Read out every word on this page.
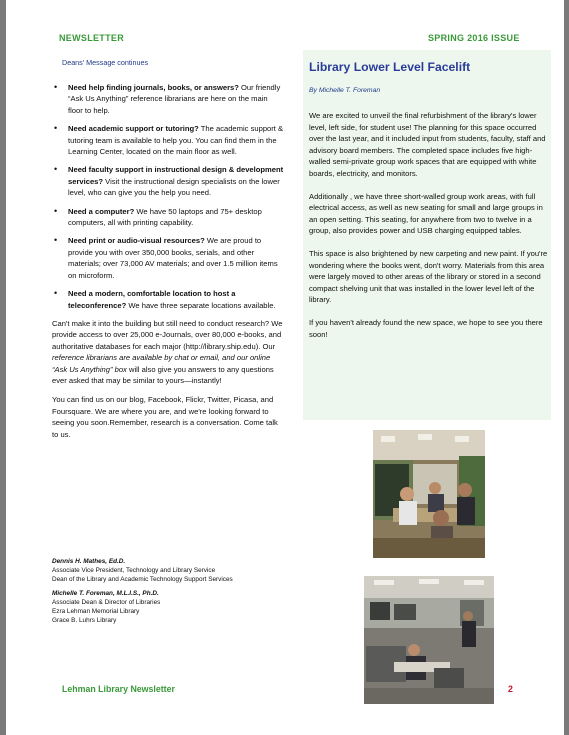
NEWSLETTER	SPRING 2016 ISSUE
Deans' Message continues
• Need help finding journals, books, or answers? Our friendly “Ask Us Anything” reference librarians are here on the main floor to help.
• Need academic support or tutoring? The academic support & tutoring team is available to help you. You can find them in the Learning Center, located on the main floor as well.
• Need faculty support in instructional design & development services? Visit the instructional design specialists on the lower level, who can give you the help you need.
• Need a computer? We have 50 laptops and 75+ desktop computers, all with printing capability.
• Need print or audio-visual resources? We are proud to provide you with over 350,000 books, serials, and other materials; over 73,000 AV materials; and over 1.5 million items on microform.
• Need a modern, comfortable location to host a teleconference? We have three separate locations available.

Can't make it into the building but still need to conduct research? We provide access to over 25,000 e-Journals, over 80,000 e-books, and authoritative databases for each major (http://library.ship.edu). Our reference librarians are available by chat or email, and our online “Ask Us Anything” box will also give you answers to any questions ever asked that may be similar to yours—instantly!

You can find us on our blog, Facebook, Flickr, Twitter, Picasa, and Foursquare. We are where you are, and we're looking forward to seeing you soon.Remember, research is a conversation. Come talk to us.

Dennis H. Mathes, Ed.D.
Associate Vice President, Technology and Library Service
Dean of the Library and Academic Technology Support Services
Michelle T. Foreman, M.L.I.S., Ph.D.
Associate Dean & Director of Libraries
Ezra Lehman Memorial Library
Grace B. Luhrs Library
Library Lower Level Facelift
By Michelle T. Foreman

We are excited to unveil the final refurbishment of the library's lower level, left side, for student use! The planning for this space occurred over the last year, and it included input from students, faculty, staff and advisory board members. The completed space includes five high-walled semi-private group work spaces that are equipped with white boards, electricity, and monitors.

Additionally , we have three short-walled group work areas, with full electrical access, as well as new seating for small and large groups in an open setting. This seating, for anywhere from two to twelve in a group, also provides power and USB charging equipped tables.

This space is also brightened by new carpeting and new paint. If you're wondering where the books went, don't worry. Materials from this area were largely moved to other areas of the library or stored in a second compact shelving unit that was installed in the lower level left of the library.

If you haven't already found the new space, we hope to see you there soon!

Lehman Library Newsletter	2
